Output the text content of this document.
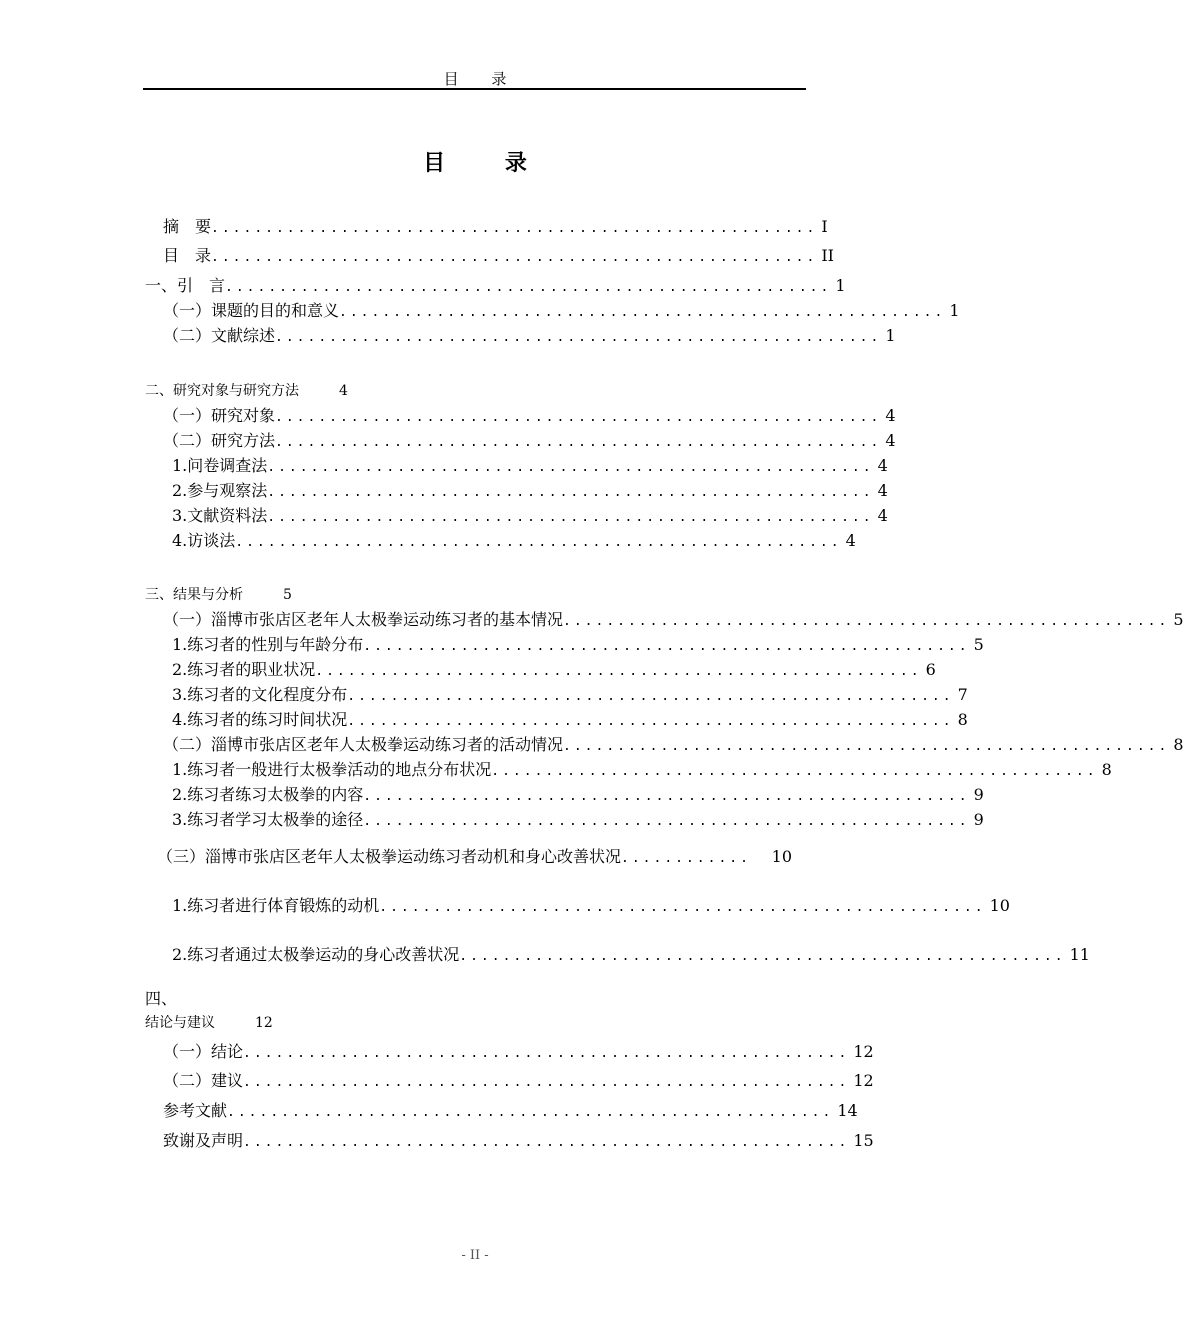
目 录
目 录
摘　要 ........................................................ I
目　录 ........................................................ II
一、引　言 ........................................................ 1
（一）课题的目的和意义 ........................................................ 1
（二）文献综述 ........................................................ 1
二、研究对象与研究方法	4
（一）研究对象 ........................................................ 4
（二）研究方法 ........................................................ 4
1.问卷调查法 ........................................................ 4
2.参与观察法 ........................................................ 4
3.文献资料法 ........................................................ 4
4.访谈法 ........................................................ 4
三、结果与分析	5
（一）淄博市张店区老年人太极拳运动练习者的基本情况 ........................................................ 5
1.练习者的性别与年龄分布 ........................................................ 5
2.练习者的职业状况 ........................................................ 6
3.练习者的文化程度分布 ........................................................ 7
4.练习者的练习时间状况 ........................................................ 8
（二）淄博市张店区老年人太极拳运动练习者的活动情况 ........................................................ 8
1.练习者一般进行太极拳活动的地点分布状况 ........................................................ 8
2.练习者练习太极拳的内容 ........................................................ 9
3.练习者学习太极拳的途径 ........................................................ 9
（三）淄博市张店区老年人太极拳运动练习者动机和身心改善状况 ............	10
1.练习者进行体育锻炼的动机 ........................................................ 10
2.练习者通过太极拳运动的身心改善状况 ........................................................ 11
四、
结论与建议	12
（一）结论 ........................................................ 12
（二）建议 ........................................................ 12
参考文献 ........................................................ 14
致谢及声明 ........................................................ 15
- II -
